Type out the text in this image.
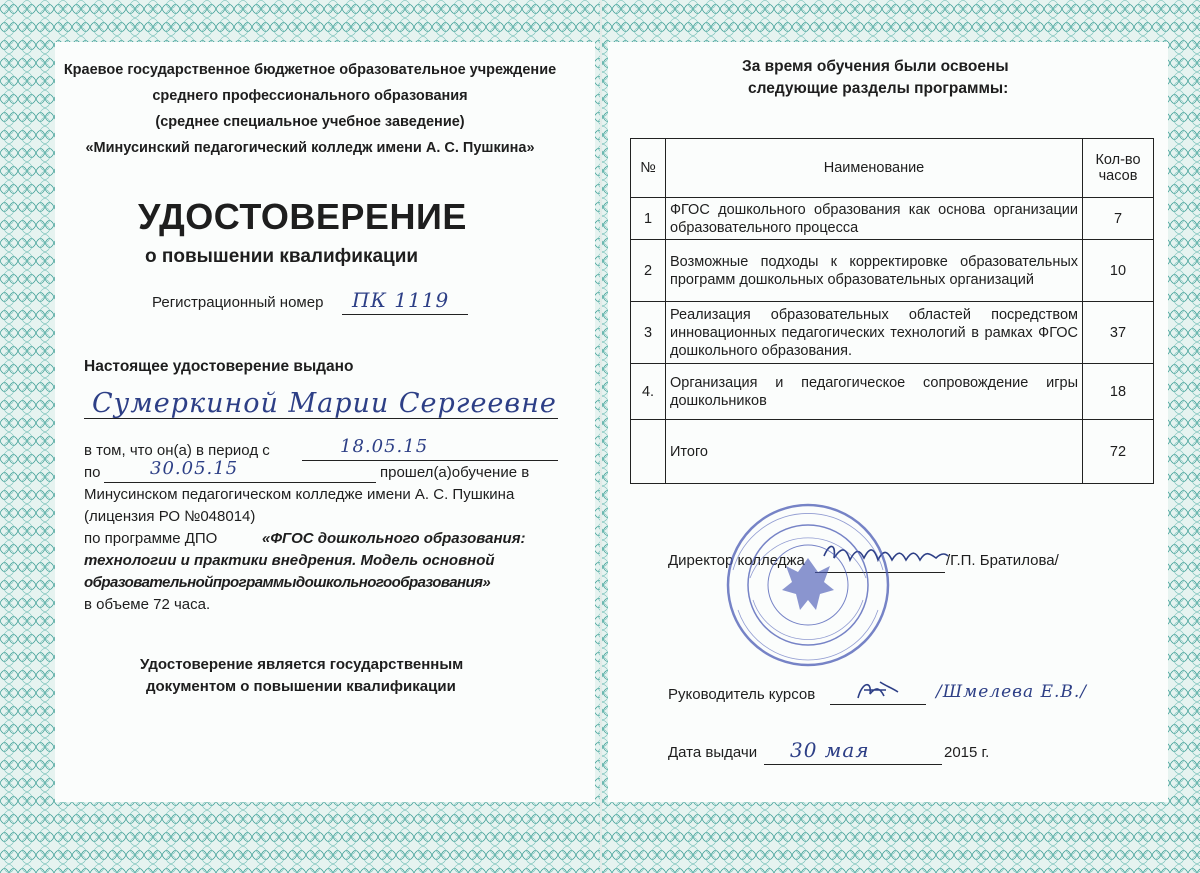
Краевое государственное бюджетное образовательное учреждение
среднего профессионального образования
(среднее специальное учебное заведение)
«Минусинский педагогический колледж имени А. С. Пушкина»
УДОСТОВЕРЕНИЕ
о повышении квалификации
Регистрационный номер ПК 1119
Настоящее удостоверение выдано
Сумеркиной Марии Сергеевне
в том, что он(а) в период с	18.05.15
по	30.05.15	прошел(а)обучение в
Минусинском педагогическом колледже имени А. С. Пушкина
(лицензия РО №048014)
по программе ДПО	«ФГОС дошкольного образования:
технологии и практики внедрения. Модель основной
образовательнойпрограммыдошкольногообразования»
в объеме 72 часа.
Удостоверение является государственным
документом о повышении квалификации
За время обучения были освоены
следующие разделы программы:
№	Наименование	Кол-во часов
1	ФГОС дошкольного образования как основа организации образовательного процесса	7
2	Возможные подходы к корректировке образовательных программ дошкольных образовательных организаций	10
3	Реализация образовательных областей посредством инновационных педагогических технологий в рамках ФГОС дошкольного образования.	37
4.	Организация и педагогическое сопровождение игры дошкольников	18
	Итого	72
Директор колледжа	/Г.П. Братилова/
Руководитель курсов	/Шмелева Е.В./
Дата выдачи 30 мая	2015 г.
